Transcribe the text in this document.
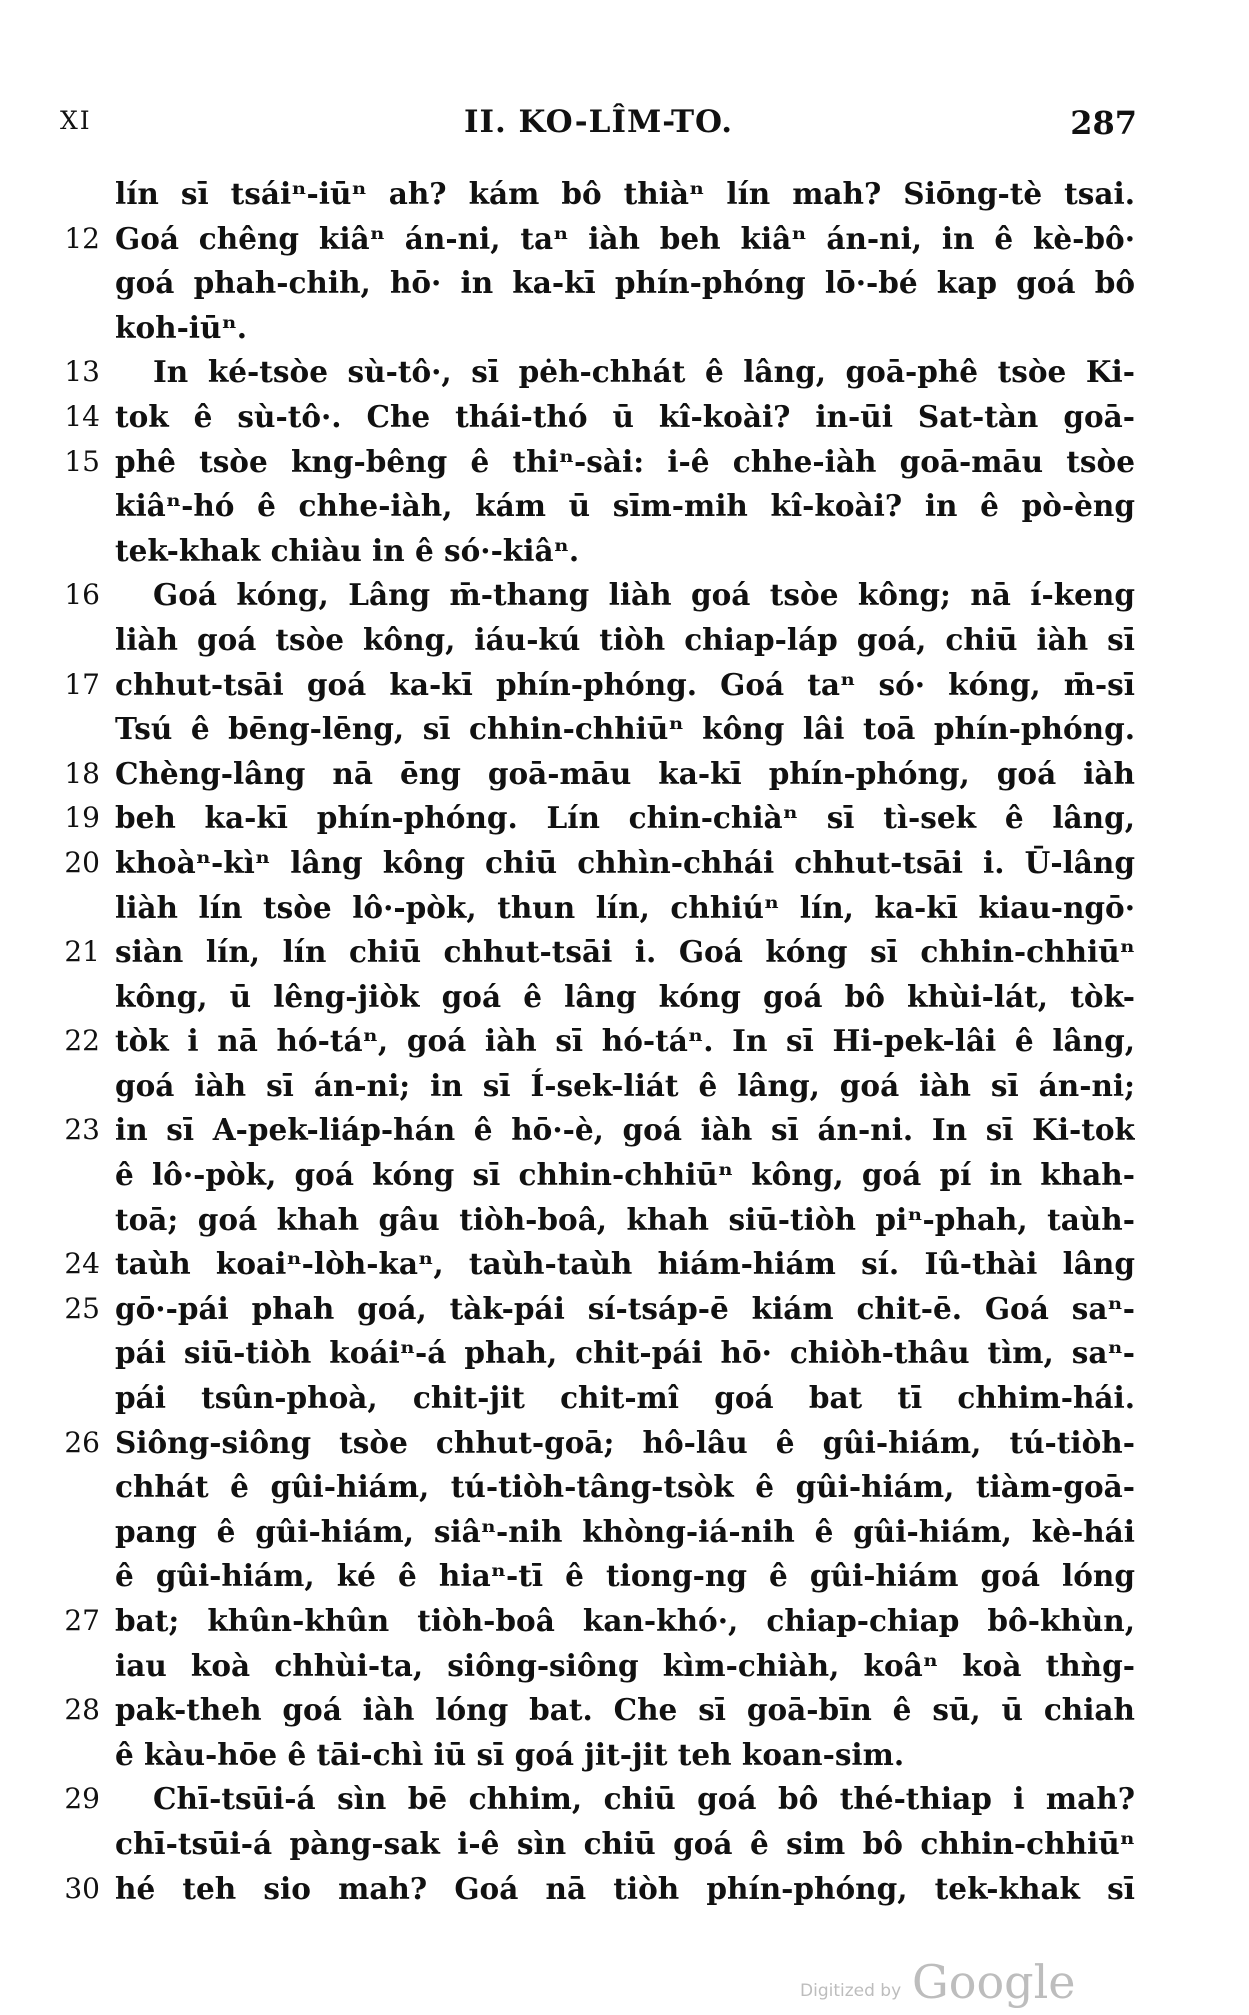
XI	II. KO-LÎM-TO.	287
lín sī tsáiⁿ-iūⁿ ah? kám bô thiàⁿ lín mah? Siōng-tè tsai.
12 Goá chêng kiâⁿ án-ni, taⁿ iàh beh kiâⁿ án-ni, in ê kè-bô·
goá phah-chih, hō· in ka-kī phín-phóng lō·-bé kap goá bô
koh-iūⁿ.
13	In ké-tsòe sù-tô·, sī pėh-chhát ê lâng, goā-phê tsòe Ki-
14 tok ê sù-tô·. Che thái-thó ū kî-koài? in-ūi Sat-tàn goā-
15 phê tsòe kng-bêng ê thiⁿ-sài: i-ê chhe-iàh goā-māu tsòe
kiâⁿ-hó ê chhe-iàh, kám ū sīm-mih kî-koài? in ê pò-èng
tek-khak chiàu in ê só·-kiâⁿ.
16	Goá kóng, Lâng m̄-thang liàh goá tsòe kông; nā í-keng
liàh goá tsòe kông, iáu-kú tiòh chiap-láp goá, chiū iàh sī
17 chhut-tsāi goá ka-kī phín-phóng. Goá taⁿ só· kóng, m̄-sī
Tsú ê bēng-lēng, sī chhin-chhiūⁿ kông lâi toā phín-phóng.
18 Chèng-lâng nā ēng goā-māu ka-kī phín-phóng, goá iàh
19 beh ka-kī phín-phóng. Lín chin-chiàⁿ sī tì-sek ê lâng,
20 khoàⁿ-kìⁿ lâng kông chiū chhìn-chhái chhut-tsāi i. Ū-lâng
liàh lín tsòe lô·-pòk, thun lín, chhiúⁿ lín, ka-kī kiau-ngō·
21 siàn lín, lín chiū chhut-tsāi i. Goá kóng sī chhin-chhiūⁿ
kông, ū lêng-jiòk goá ê lâng kóng goá bô khùi-lát, tòk-
22 tòk i nā hó-táⁿ, goá iàh sī hó-táⁿ. In sī Hi-pek-lâi ê lâng,
goá iàh sī án-ni; in sī Í-sek-liát ê lâng, goá iàh sī án-ni;
23 in sī A-pek-liáp-hán ê hō·-è, goá iàh sī án-ni. In sī Ki-tok
ê lô·-pòk, goá kóng sī chhin-chhiūⁿ kông, goá pí in khah-
toā; goá khah gâu tiòh-boâ, khah siū-tiòh piⁿ-phah, taùh-
24 taùh koaiⁿ-lòh-kaⁿ, taùh-taùh hiám-hiám sí. Iû-thài lâng
25 gō·-pái phah goá, tàk-pái sí-tsáp-ē kiám chit-ē. Goá saⁿ-
pái siū-tiòh koáiⁿ-á phah, chit-pái hō· chiòh-thâu tìm, saⁿ-
pái tsûn-phoà, chit-jit chit-mî goá bat tī chhim-hái.
26 Siông-siông tsòe chhut-goā; hô-lâu ê gûi-hiám, tú-tiòh-
chhát ê gûi-hiám, tú-tiòh-tâng-tsòk ê gûi-hiám, tiàm-goā-
pang ê gûi-hiám, siâⁿ-nih khòng-iá-nih ê gûi-hiám, kè-hái
ê gûi-hiám, ké ê hiaⁿ-tī ê tiong-ng ê gûi-hiám goá lóng
27 bat; khûn-khûn tiòh-boâ kan-khó·, chiap-chiap bô-khùn,
iau koà chhùi-ta, siông-siông kìm-chiàh, koâⁿ koà thǹg-
28 pak-theh goá iàh lóng bat. Che sī goā-bīn ê sū, ū chiah
ê kàu-hōe ê tāi-chì iū sī goá jit-jit teh koan-sim.
29	Chī-tsūi-á sìn bē chhim, chiū goá bô thé-thiap i mah?
chī-tsūi-á pàng-sak i-ê sìn chiū goá ê sim bô chhin-chhiūⁿ
30 hé teh sio mah? Goá nā tiòh phín-phóng, tek-khak sī
Digitized by Google
